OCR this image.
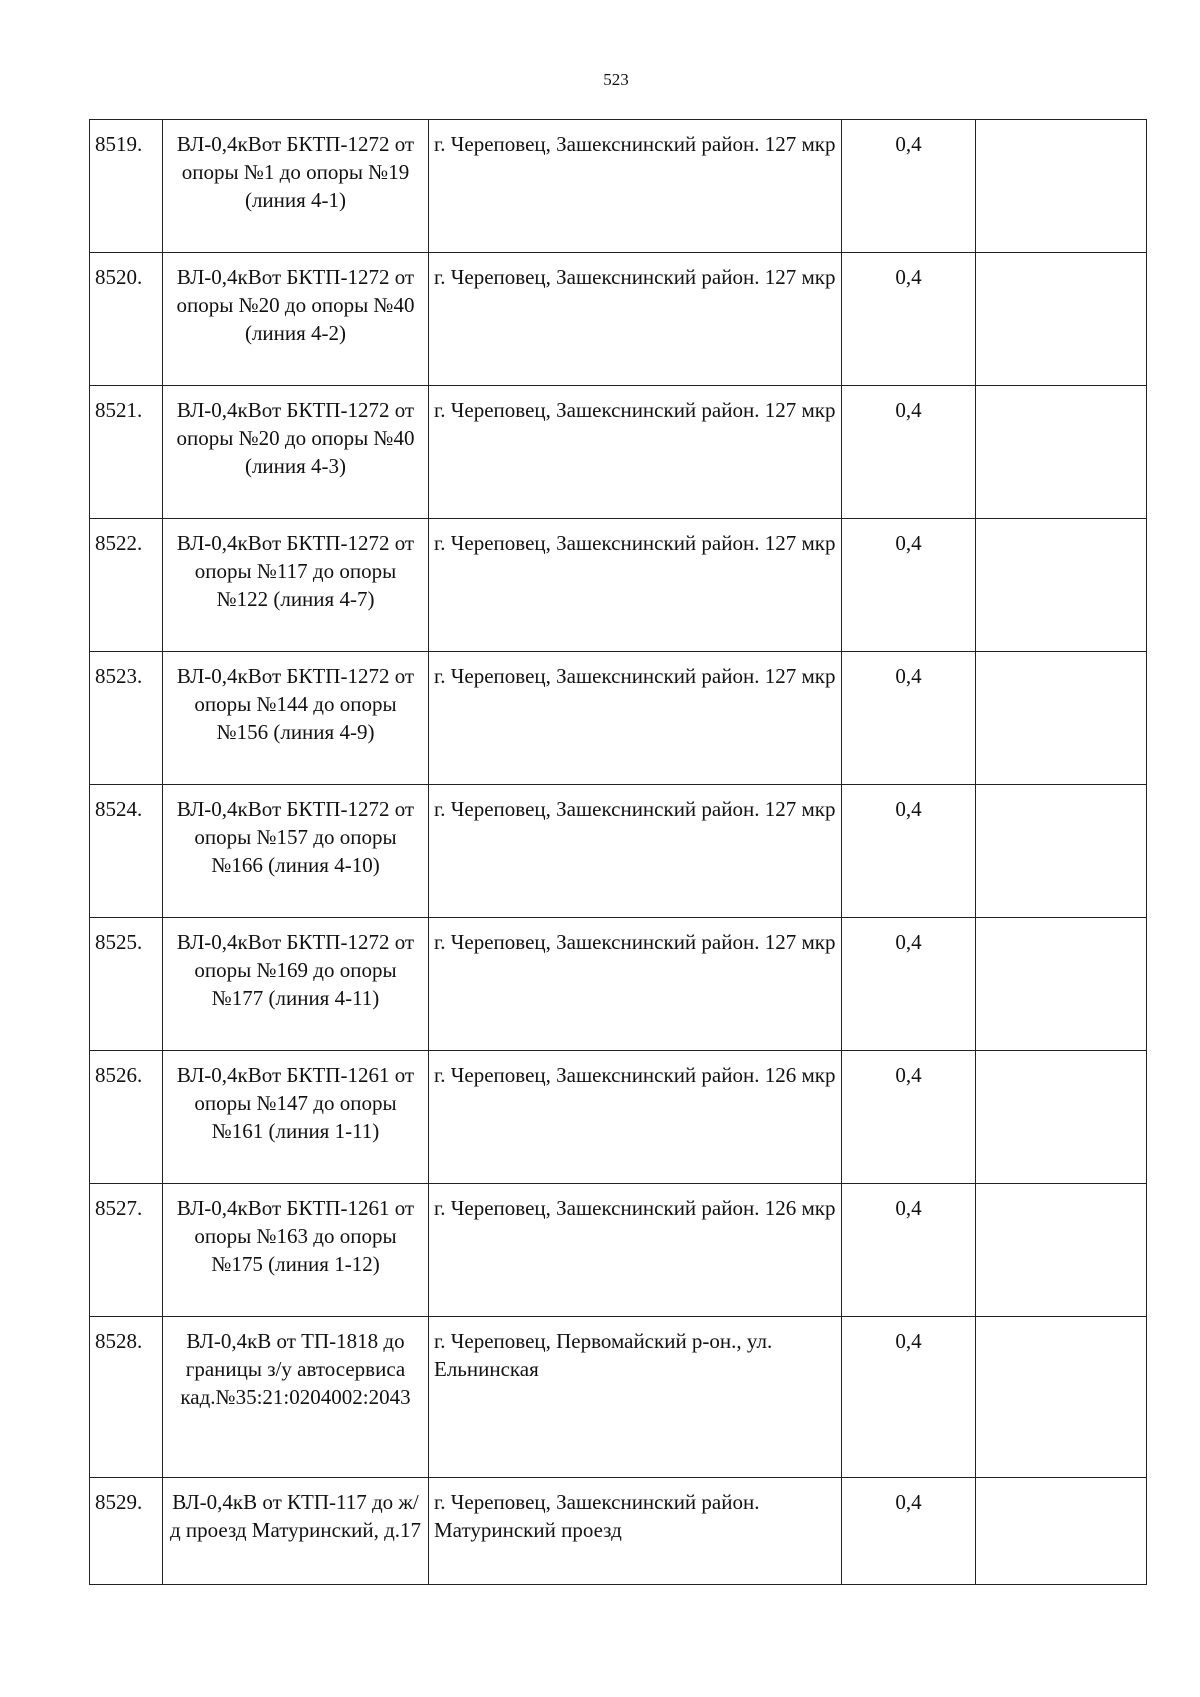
523
8519.	ВЛ-0,4кВот БКТП-1272 от опоры №1 до опоры №19 (линия 4-1)	г. Череповец, Зашекснинский район. 127 мкр	0,4	
8520.	ВЛ-0,4кВот БКТП-1272 от опоры №20 до опоры №40 (линия 4-2)	г. Череповец, Зашекснинский район. 127 мкр	0,4	
8521.	ВЛ-0,4кВот БКТП-1272 от опоры №20 до опоры №40 (линия 4-3)	г. Череповец, Зашекснинский район. 127 мкр	0,4	
8522.	ВЛ-0,4кВот БКТП-1272 от опоры №117 до опоры №122 (линия 4-7)	г. Череповец, Зашекснинский район. 127 мкр	0,4	
8523.	ВЛ-0,4кВот БКТП-1272 от опоры №144 до опоры №156 (линия 4-9)	г. Череповец, Зашекснинский район. 127 мкр	0,4	
8524.	ВЛ-0,4кВот БКТП-1272 от опоры №157 до опоры №166 (линия 4-10)	г. Череповец, Зашекснинский район. 127 мкр	0,4	
8525.	ВЛ-0,4кВот БКТП-1272 от опоры №169 до опоры №177 (линия 4-11)	г. Череповец, Зашекснинский район. 127 мкр	0,4	
8526.	ВЛ-0,4кВот БКТП-1261 от опоры №147 до опоры №161 (линия 1-11)	г. Череповец, Зашекснинский район. 126 мкр	0,4	
8527.	ВЛ-0,4кВот БКТП-1261 от опоры №163 до опоры №175 (линия 1-12)	г. Череповец, Зашекснинский район. 126 мкр	0,4	
8528.	ВЛ-0,4кВ от ТП-1818 до границы з/у автосервиса кад.№35:21:0204002:2043	г. Череповец, Первомайский р-он., ул. Ельнинская	0,4	
8529.	ВЛ-0,4кВ от КТП-117 до ж/д проезд Матуринский, д.17	г. Череповец, Зашекснинский район. Матуринский проезд	0,4	
